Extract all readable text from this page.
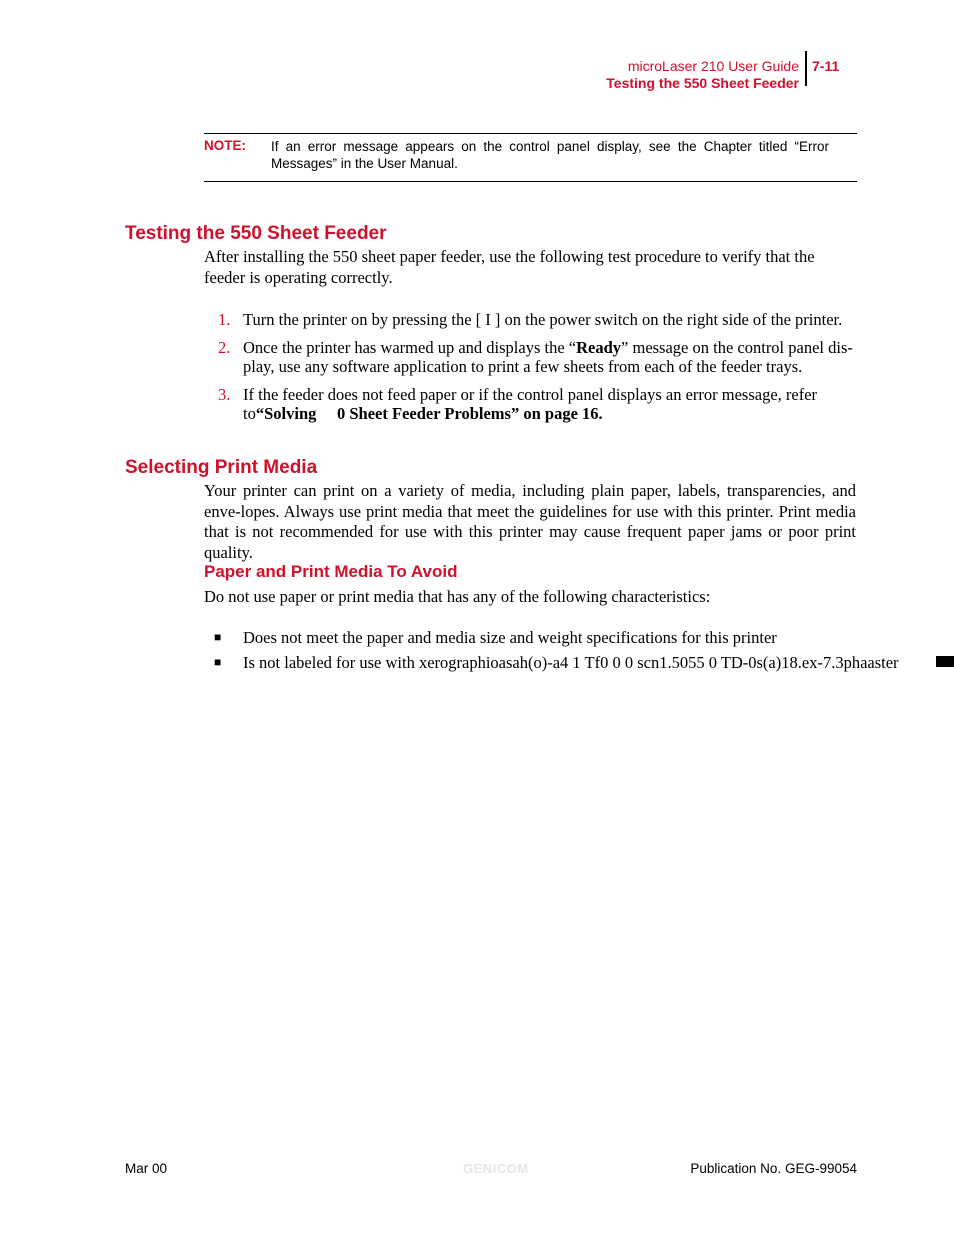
microLaser 210 User Guide
Testing the 550 Sheet Feeder
7-11
NOTE: If an error message appears on the control panel display, see the Chapter titled “Error Messages” in the User Manual.
Testing the 550 Sheet Feeder
After installing the 550 sheet paper feeder, use the following test procedure to verify that the feeder is operating correctly.
1. Turn the printer on by pressing the [ I ] on the power switch on the right side of the printer.
2. Once the printer has warmed up and displays the “Ready” message on the control panel dis-play, use any software application to print a few sheets from each of the feeder trays.
3. If the feeder does not feed paper or if the control panel displays an error message, refer to“Solving     0 Sheet Feeder Problems” on page 16.
Selecting Print Media
Your printer can print on a variety of media, including plain paper, labels, transparencies, and enve-lopes. Always use print media that meet the guidelines for use with this printer. Print media that is not recommended for use with this printer may cause frequent paper jams or poor print quality.
Paper and Print Media To Avoid
Do not use paper or print media that has any of the following characteristics:
■ Does not meet the paper and media size and weight specifications for this printer
■ Is not labeled for use with xerographioasah(o)-a4 1 Tf0 0 0 scn1.5055 0 TD-0s(a)18.ex-7.3phaaster
Mar 00	GENICOM	Publication No. GEG-99054
